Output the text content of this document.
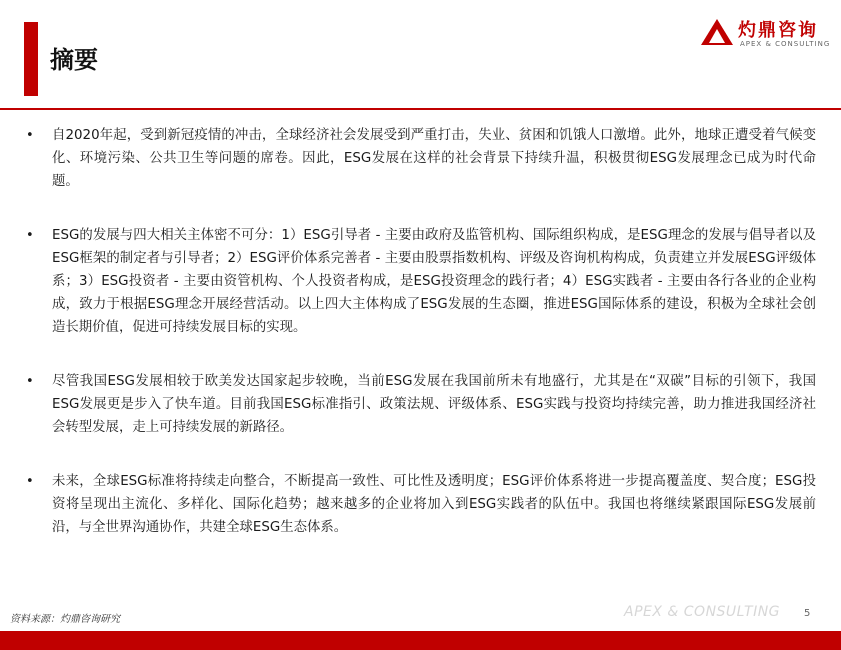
摘要
灼鼎咨询
APEX & CONSULTING
• 自2020年起，受到新冠疫情的冲击，全球经济社会发展受到严重打击，失业、贫困和饥饿人口激增。此外，地球正遭受着气候变化、环境污染、公共卫生等问题的席卷。因此，ESG发展在这样的社会背景下持续升温，积极贯彻ESG发展理念已成为时代命题。
• ESG的发展与四大相关主体密不可分：1）ESG引导者 - 主要由政府及监管机构、国际组织构成，是ESG理念的发展与倡导者以及ESG框架的制定者与引导者；2）ESG评价体系完善者 - 主要由股票指数机构、评级及咨询机构构成，负责建立并发展ESG评级体系；3）ESG投资者 - 主要由资管机构、个人投资者构成，是ESG投资理念的践行者；4）ESG实践者 - 主要由各行各业的企业构成，致力于根据ESG理念开展经营活动。以上四大主体构成了ESG发展的生态圈，推进ESG国际体系的建设，积极为全球社会创造长期价值，促进可持续发展目标的实现。
• 尽管我国ESG发展相较于欧美发达国家起步较晚，当前ESG发展在我国前所未有地盛行，尤其是在“双碳”目标的引领下，我国ESG发展更是步入了快车道。目前我国ESG标准指引、政策法规、评级体系、ESG实践与投资均持续完善，助力推进我国经济社会转型发展，走上可持续发展的新路径。
• 未来，全球ESG标准将持续走向整合，不断提高一致性、可比性及透明度；ESG评价体系将进一步提高覆盖度、契合度；ESG投资将呈现出主流化、多样化、国际化趋势；越来越多的企业将加入到ESG实践者的队伍中。我国也将继续紧跟国际ESG发展前沿，与全世界沟通协作，共建全球ESG生态体系。
资料来源：灼鼎咨询研究	APEX & CONSULTING 5
